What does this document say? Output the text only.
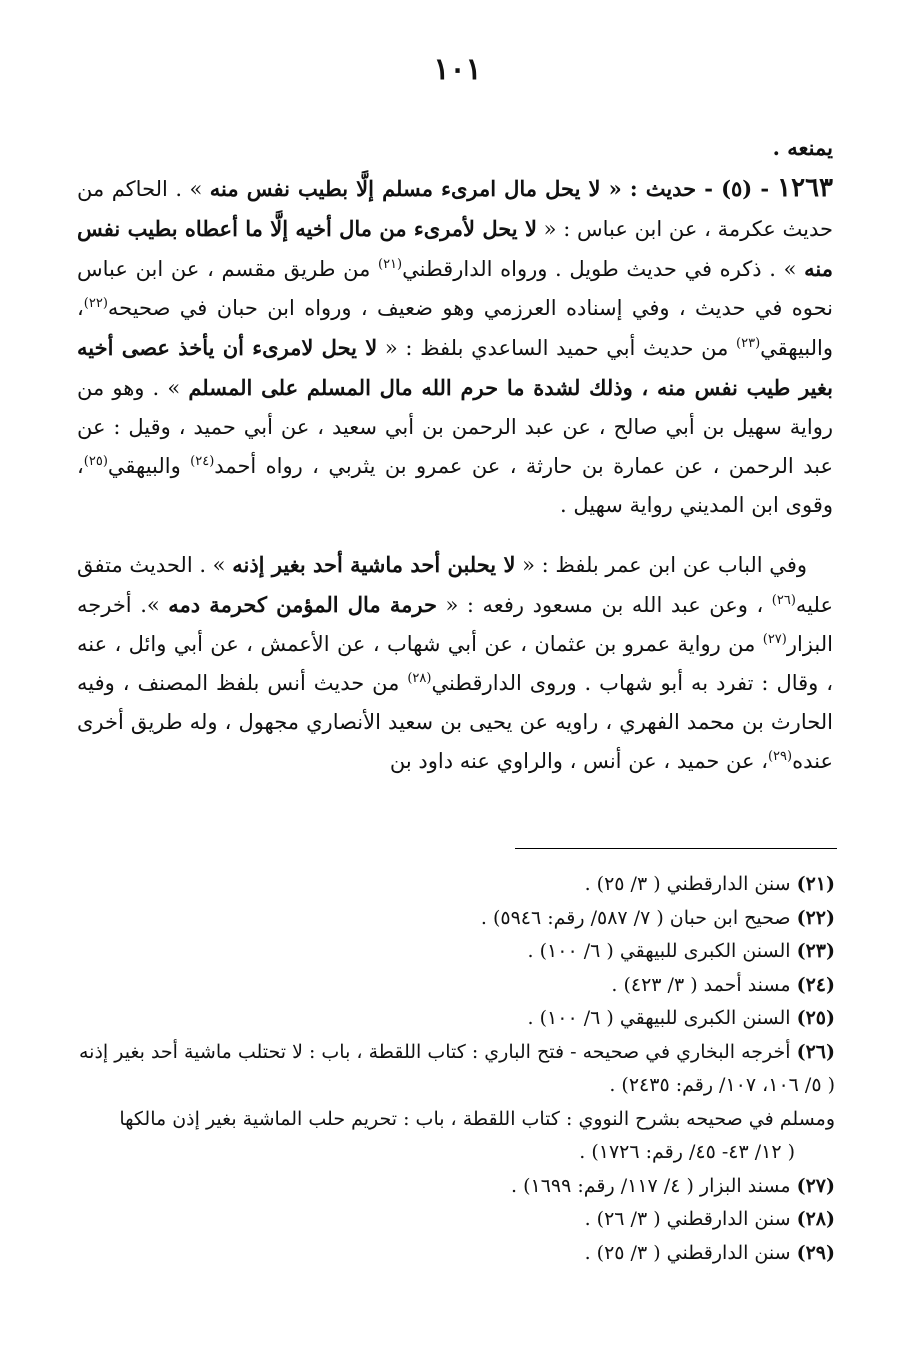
١٠١

يمنعه .

١٢٦٣ - (٥) - حديث : « لا يحل مال امرىء مسلم إلَّا بطيب نفس منه » . الحاكم من حديث عكرمة ، عن ابن عباس : « لا يحل لأمرىء من مال أخيه إلَّا ما أعطاه بطيب نفس منه » . ذكره في حديث طويل . ورواه الدارقطني$^{(٢١)}$ من طريق مقسم ، عن ابن عباس نحوه في حديث ، وفي إسناده العرزمي وهو ضعيف ، ورواه ابن حبان في صحيحه$^{(٢٢)}$، والبيهقي$^{(٢٣)}$ من حديث أبي حميد الساعدي بلفظ : « لا يحل لامرىء أن يأخذ عصى أخيه بغير طيب نفس منه ، وذلك لشدة ما حرم الله مال المسلم على المسلم » . وهو من رواية سهيل بن أبي صالح ، عن عبد الرحمن بن أبي سعيد ، عن أبي حميد ، وقيل : عن عبد الرحمن ، عن عمارة بن حارثة ، عن عمرو بن يثربي ، رواه أحمد$^{(٢٤)}$ والبيهقي$^{(٢٥)}$، وقوى ابن المديني رواية سهيل .

وفي الباب عن ابن عمر بلفظ : « لا يحلبن أحد ماشية أحد بغير إذنه » . الحديث متفق عليه$^{(٢٦)}$ ، وعن عبد الله بن مسعود رفعه : « حرمة مال المؤمن كحرمة دمه ». أخرجه البزار$^{(٢٧)}$ من رواية عمرو بن عثمان ، عن أبي شهاب ، عن الأعمش ، عن أبي وائل ، عنه ، وقال : تفرد به أبو شهاب . وروى الدارقطني$^{(٢٨)}$ من حديث أنس بلفظ المصنف ، وفيه الحارث بن محمد الفهري ، راويه عن يحيى بن سعيد الأنصاري مجهول ، وله طريق أخرى عنده$^{(٢٩)}$، عن حميد ، عن أنس ، والراوي عنه داود بن

(٢١) سنن الدارقطني ( ٣/ ٢٥) .

(٢٢) صحيح ابن حبان ( ٧/ ٥٨٧/ رقم: ٥٩٤٦) .

(٢٣) السنن الكبرى للبيهقي ( ٦/ ١٠٠) .

(٢٤) مسند أحمد ( ٣/ ٤٢٣) .

(٢٥) السنن الكبرى للبيهقي ( ٦/ ١٠٠) .

(٢٦) أخرجه البخاري في صحيحه - فتح الباري : كتاب اللقطة ، باب : لا تحتلب ماشية أحد بغير إذنه ( ٥/ ١٠٦، ١٠٧/ رقم: ٢٤٣٥) .

ومسلم في صحيحه بشرح النووي : كتاب اللقطة ، باب : تحريم حلب الماشية بغير إذن مالكها

( ١٢/ ٤٣- ٤٥/ رقم: ١٧٢٦) .

(٢٧) مسند البزار ( ٤/ ١١٧/ رقم: ١٦٩٩) .

(٢٨) سنن الدارقطني ( ٣/ ٢٦) .

(٢٩) سنن الدارقطني ( ٣/ ٢٥) .
